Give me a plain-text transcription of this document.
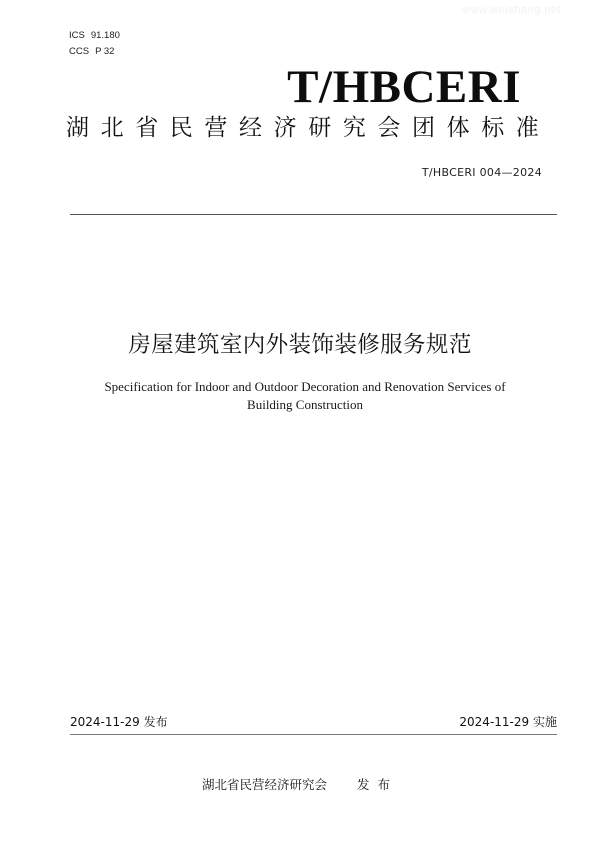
www.weishang.net
ICS 91.180
CCS P 32
T/HBCERI
湖北省民营经济研究会团体标准
T/HBCERI 004—2024
房屋建筑室内外装饰装修服务规范
Specification for Indoor and Outdoor Decoration and Renovation Services of
Building Construction
2024-11-29 发布	2024-11-29 实施
湖北省民营经济研究会 发布
